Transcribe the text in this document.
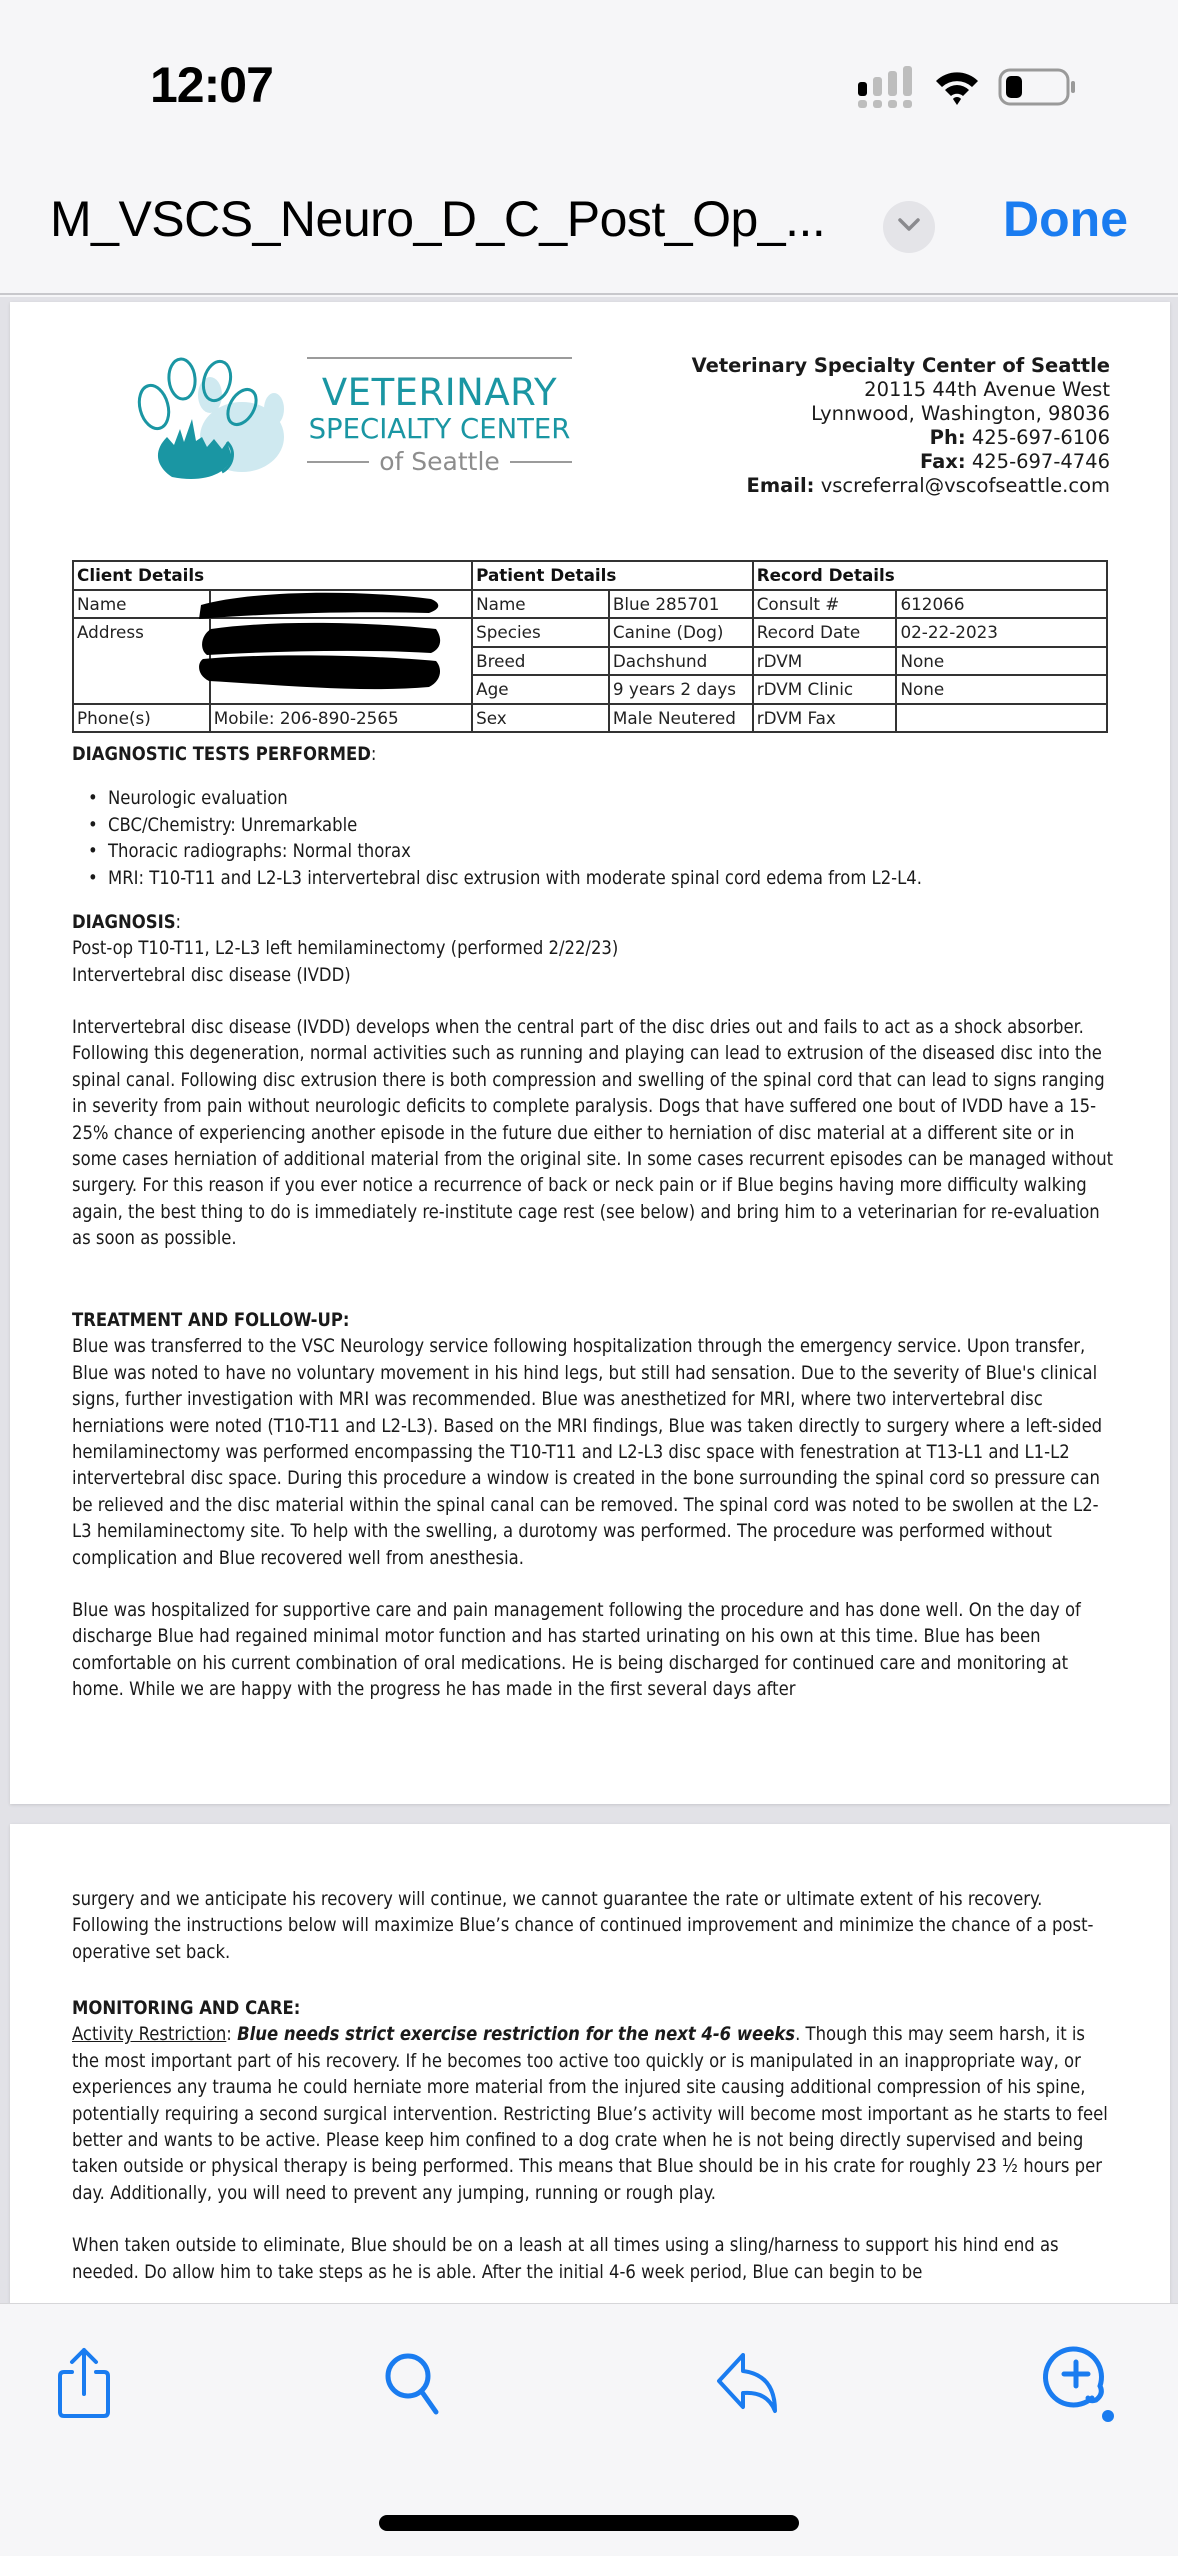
12:07
M_VSCS_Neuro_D_C_Post_Op_...	Done
VETERINARY
SPECIALTY CENTER
of Seattle
Veterinary Specialty Center of Seattle
20115 44th Avenue West
Lynnwood, Washington, 98036
Ph: 425-697-6106
Fax: 425-697-4746
Email: vscreferral@vscofseattle.com
Client Details		Patient Details		Record Details	
Name		Name	Blue 285701	Consult #	612066
Address		Species	Canine (Dog)	Record Date	02-22-2023
		Breed	Dachshund	rDVM	None
		Age	9 years 2 days	rDVM Clinic	None
Phone(s)	Mobile: 206-890-2565	Sex	Male Neutered	rDVM Fax	
DIAGNOSTIC TESTS PERFORMED:
• Neurologic evaluation
• CBC/Chemistry: Unremarkable
• Thoracic radiographs: Normal thorax
• MRI: T10-T11 and L2-L3 intervertebral disc extrusion with moderate spinal cord edema from L2-L4.
DIAGNOSIS:
Post-op T10-T11, L2-L3 left hemilaminectomy (performed 2/22/23)
Intervertebral disc disease (IVDD)
Intervertebral disc disease (IVDD) develops when the central part of the disc dries out and fails to act as a shock absorber. Following this degeneration, normal activities such as running and playing can lead to extrusion of the diseased disc into the spinal canal. Following disc extrusion there is both compression and swelling of the spinal cord that can lead to signs ranging in severity from pain without neurologic deficits to complete paralysis. Dogs that have suffered one bout of IVDD have a 15-25% chance of experiencing another episode in the future due either to herniation of disc material at a different site or in some cases herniation of additional material from the original site. In some cases recurrent episodes can be managed without surgery. For this reason if you ever notice a recurrence of back or neck pain or if Blue begins having more difficulty walking again, the best thing to do is immediately re-institute cage rest (see below) and bring him to a veterinarian for re-evaluation as soon as possible.
TREATMENT AND FOLLOW-UP:
Blue was transferred to the VSC Neurology service following hospitalization through the emergency service. Upon transfer, Blue was noted to have no voluntary movement in his hind legs, but still had sensation. Due to the severity of Blue's clinical signs, further investigation with MRI was recommended. Blue was anesthetized for MRI, where two intervertebral disc herniations were noted (T10-T11 and L2-L3). Based on the MRI findings, Blue was taken directly to surgery where a left-sided hemilaminectomy was performed encompassing the T10-T11 and L2-L3 disc space with fenestration at T13-L1 and L1-L2 intervertebral disc space. During this procedure a window is created in the bone surrounding the spinal cord so pressure can be relieved and the disc material within the spinal canal can be removed. The spinal cord was noted to be swollen at the L2-L3 hemilaminectomy site. To help with the swelling, a durotomy was performed. The procedure was performed without complication and Blue recovered well from anesthesia.
Blue was hospitalized for supportive care and pain management following the procedure and has done well. On the day of discharge Blue had regained minimal motor function and has started urinating on his own at this time. Blue has been comfortable on his current combination of oral medications. He is being discharged for continued care and monitoring at home. While we are happy with the progress he has made in the first several days after
surgery and we anticipate his recovery will continue, we cannot guarantee the rate or ultimate extent of his recovery. Following the instructions below will maximize Blue’s chance of continued improvement and minimize the chance of a post-operative set back.
MONITORING AND CARE:
Activity Restriction: Blue needs strict exercise restriction for the next 4-6 weeks. Though this may seem harsh, it is the most important part of his recovery. If he becomes too active too quickly or is manipulated in an inappropriate way, or experiences any trauma he could herniate more material from the injured site causing additional compression of his spine, potentially requiring a second surgical intervention. Restricting Blue’s activity will become most important as he starts to feel better and wants to be active. Please keep him confined to a dog crate when he is not being directly supervised and being taken outside or physical therapy is being performed. This means that Blue should be in his crate for roughly 23 ½ hours per day. Additionally, you will need to prevent any jumping, running or rough play.
When taken outside to eliminate, Blue should be on a leash at all times using a sling/harness to support his hind end as needed. Do allow him to take steps as he is able. After the initial 4-6 week period, Blue can begin to be
